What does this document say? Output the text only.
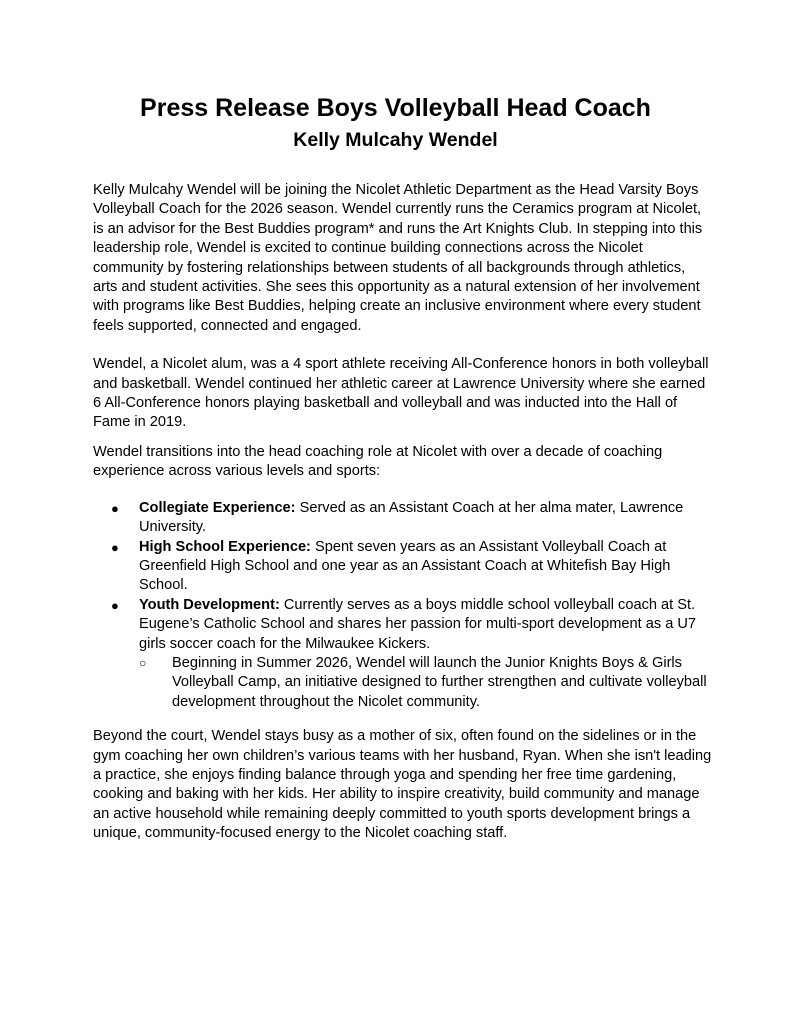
Press Release Boys Volleyball Head Coach
Kelly Mulcahy Wendel

Kelly Mulcahy Wendel will be joining the Nicolet Athletic Department as the Head Varsity Boys Volleyball Coach for the 2026 season. Wendel currently runs the Ceramics program at Nicolet, is an advisor for the Best Buddies program* and runs the Art Knights Club. In stepping into this leadership role, Wendel is excited to continue building connections across the Nicolet community by fostering relationships between students of all backgrounds through athletics, arts and student activities. She sees this opportunity as a natural extension of her involvement with programs like Best Buddies, helping create an inclusive environment where every student feels supported, connected and engaged.

Wendel, a Nicolet alum, was a 4 sport athlete receiving All-Conference honors in both volleyball and basketball. Wendel continued her athletic career at Lawrence University where she earned 6 All-Conference honors playing basketball and volleyball and was inducted into the Hall of Fame in 2019.

Wendel transitions into the head coaching role at Nicolet with over a decade of coaching experience across various levels and sports:

● Collegiate Experience: Served as an Assistant Coach at her alma mater, Lawrence University.
● High School Experience: Spent seven years as an Assistant Volleyball Coach at Greenfield High School and one year as an Assistant Coach at Whitefish Bay High School.
● Youth Development: Currently serves as a boys middle school volleyball coach at St. Eugene’s Catholic School and shares her passion for multi-sport development as a U7 girls soccer coach for the Milwaukee Kickers.
○ Beginning in Summer 2026, Wendel will launch the Junior Knights Boys & Girls Volleyball Camp, an initiative designed to further strengthen and cultivate volleyball development throughout the Nicolet community.

Beyond the court, Wendel stays busy as a mother of six, often found on the sidelines or in the gym coaching her own children’s various teams with her husband, Ryan. When she isn't leading a practice, she enjoys finding balance through yoga and spending her free time gardening, cooking and baking with her kids. Her ability to inspire creativity, build community and manage an active household while remaining deeply committed to youth sports development brings a unique, community-focused energy to the Nicolet coaching staff.
